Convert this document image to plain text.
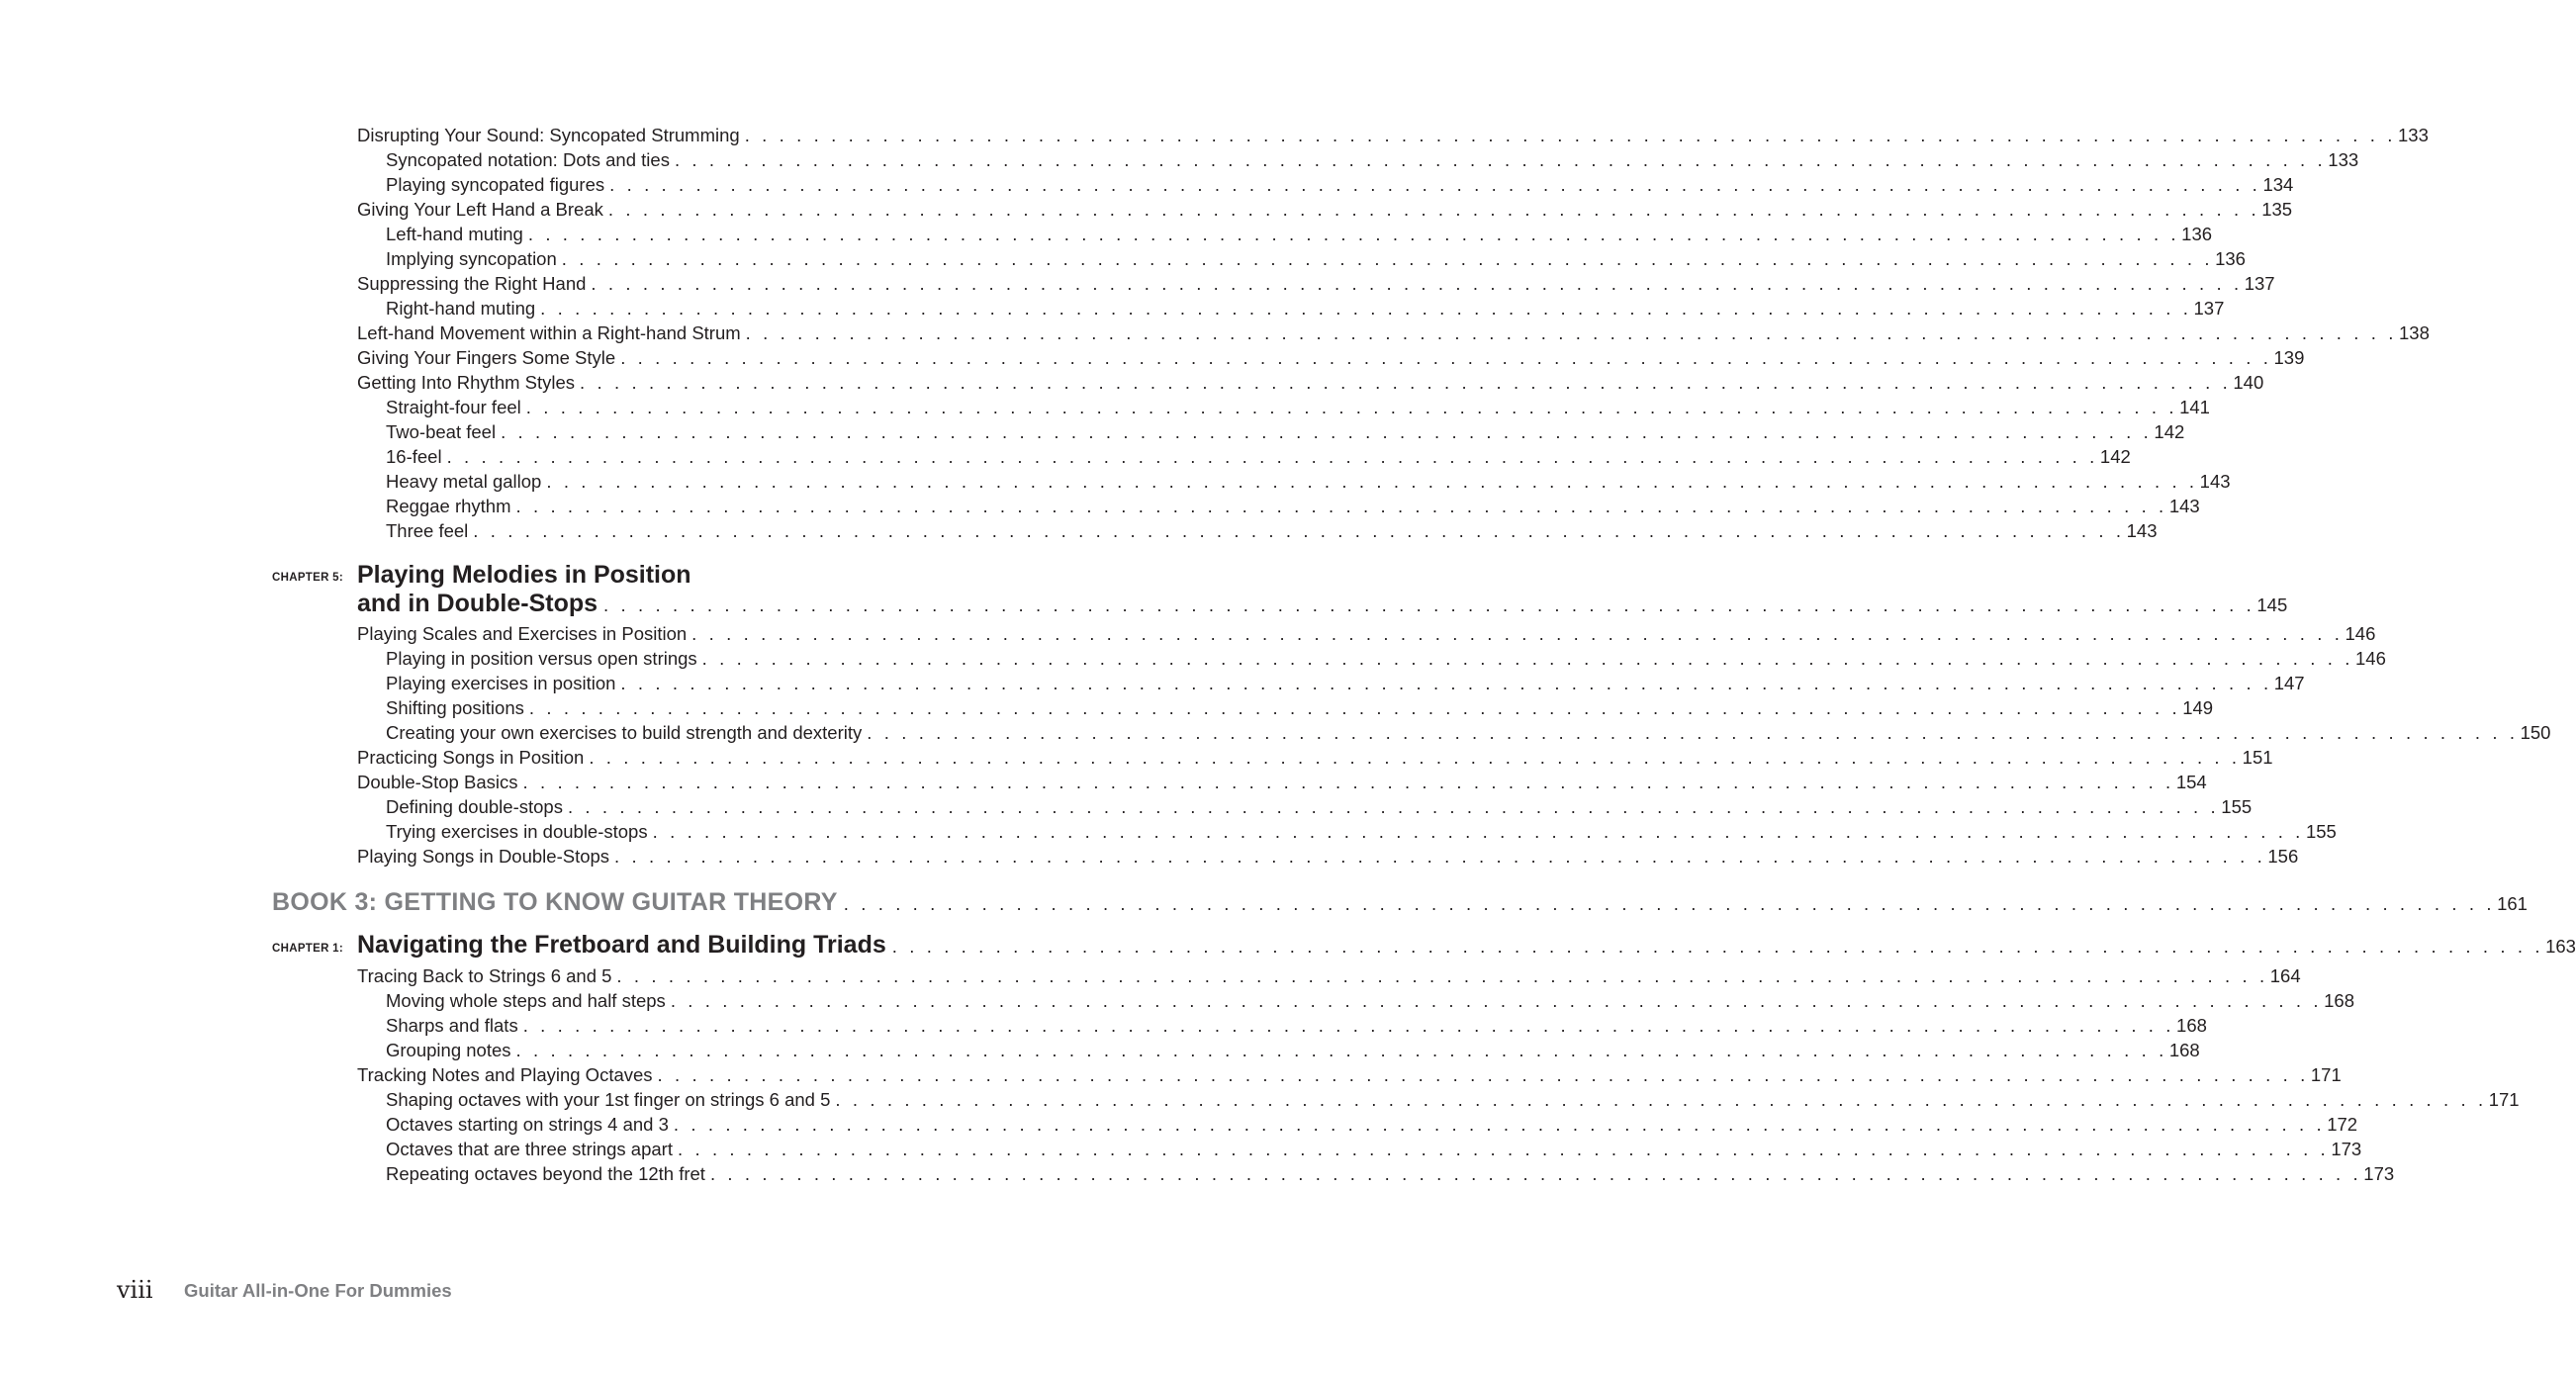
Disrupting Your Sound: Syncopated Strumming . . . . . . . . . . . . . . . . . . . . . . . . . . . . . . . . . . . . . . . . . . . . . . . . . . . . . . . . . . . . . . . . . . . . . . . . . . . . . . . . . . . . . . . . . . . . . . . . 133
Syncopated notation: Dots and ties . . . . . . . . . . . . . . . . . . . . . . . . . . . . . . . . . . . . . . . . . . . . . . . . . . . . . . . . . . . . . . . . . . . . . . . . . . . . . . . . . . . . . . . . . . . . . . . . 133
Playing syncopated figures . . . . . . . . . . . . . . . . . . . . . . . . . . . . . . . . . . . . . . . . . . . . . . . . . . . . . . . . . . . . . . . . . . . . . . . . . . . . . . . . . . . . . . . . . . . . . . . . 134
Giving Your Left Hand a Break . . . . . . . . . . . . . . . . . . . . . . . . . . . . . . . . . . . . . . . . . . . . . . . . . . . . . . . . . . . . . . . . . . . . . . . . . . . . . . . . . . . . . . . . . . . . . . . . 135
Left-hand muting . . . . . . . . . . . . . . . . . . . . . . . . . . . . . . . . . . . . . . . . . . . . . . . . . . . . . . . . . . . . . . . . . . . . . . . . . . . . . . . . . . . . . . . . . . . . . . . . 136
Implying syncopation . . . . . . . . . . . . . . . . . . . . . . . . . . . . . . . . . . . . . . . . . . . . . . . . . . . . . . . . . . . . . . . . . . . . . . . . . . . . . . . . . . . . . . . . . . . . . . . . 136
Suppressing the Right Hand . . . . . . . . . . . . . . . . . . . . . . . . . . . . . . . . . . . . . . . . . . . . . . . . . . . . . . . . . . . . . . . . . . . . . . . . . . . . . . . . . . . . . . . . . . . . . . . . 137
Right-hand muting . . . . . . . . . . . . . . . . . . . . . . . . . . . . . . . . . . . . . . . . . . . . . . . . . . . . . . . . . . . . . . . . . . . . . . . . . . . . . . . . . . . . . . . . . . . . . . . . 137
Left-hand Movement within a Right-hand Strum . . . . . . . . . . . . . . . . . . . . . . . . . . . . . . . . . . . . . . . . . . . . . . . . . . . . . . . . . . . . . . . . . . . . . . . . . . . . . . . . . . . . . . . . . . . . . . . . 138
Giving Your Fingers Some Style . . . . . . . . . . . . . . . . . . . . . . . . . . . . . . . . . . . . . . . . . . . . . . . . . . . . . . . . . . . . . . . . . . . . . . . . . . . . . . . . . . . . . . . . . . . . . . . . 139
Getting Into Rhythm Styles . . . . . . . . . . . . . . . . . . . . . . . . . . . . . . . . . . . . . . . . . . . . . . . . . . . . . . . . . . . . . . . . . . . . . . . . . . . . . . . . . . . . . . . . . . . . . . . . 140
Straight-four feel . . . . . . . . . . . . . . . . . . . . . . . . . . . . . . . . . . . . . . . . . . . . . . . . . . . . . . . . . . . . . . . . . . . . . . . . . . . . . . . . . . . . . . . . . . . . . . . . 141
Two-beat feel . . . . . . . . . . . . . . . . . . . . . . . . . . . . . . . . . . . . . . . . . . . . . . . . . . . . . . . . . . . . . . . . . . . . . . . . . . . . . . . . . . . . . . . . . . . . . . . . 142
16-feel . . . . . . . . . . . . . . . . . . . . . . . . . . . . . . . . . . . . . . . . . . . . . . . . . . . . . . . . . . . . . . . . . . . . . . . . . . . . . . . . . . . . . . . . . . . . . . . . 142
Heavy metal gallop . . . . . . . . . . . . . . . . . . . . . . . . . . . . . . . . . . . . . . . . . . . . . . . . . . . . . . . . . . . . . . . . . . . . . . . . . . . . . . . . . . . . . . . . . . . . . . . . 143
Reggae rhythm . . . . . . . . . . . . . . . . . . . . . . . . . . . . . . . . . . . . . . . . . . . . . . . . . . . . . . . . . . . . . . . . . . . . . . . . . . . . . . . . . . . . . . . . . . . . . . . . 143
Three feel . . . . . . . . . . . . . . . . . . . . . . . . . . . . . . . . . . . . . . . . . . . . . . . . . . . . . . . . . . . . . . . . . . . . . . . . . . . . . . . . . . . . . . . . . . . . . . . . 143
CHAPTER 5: Playing Melodies in Position
and in Double-Stops . . . . . . . . . . . . . . . . . . . . . . . . . . . . . . . . . . . . . . . . . . . . . . . . . . . . . . . . . . . . . . . . . . . . . . . . . . . . . . . . . . . . . . . . . . . . . . . . 145
Playing Scales and Exercises in Position . . . . . . . . . . . . . . . . . . . . . . . . . . . . . . . . . . . . . . . . . . . . . . . . . . . . . . . . . . . . . . . . . . . . . . . . . . . . . . . . . . . . . . . . . . . . . . . . 146
Playing in position versus open strings . . . . . . . . . . . . . . . . . . . . . . . . . . . . . . . . . . . . . . . . . . . . . . . . . . . . . . . . . . . . . . . . . . . . . . . . . . . . . . . . . . . . . . . . . . . . . . . . 146
Playing exercises in position . . . . . . . . . . . . . . . . . . . . . . . . . . . . . . . . . . . . . . . . . . . . . . . . . . . . . . . . . . . . . . . . . . . . . . . . . . . . . . . . . . . . . . . . . . . . . . . . 147
Shifting positions . . . . . . . . . . . . . . . . . . . . . . . . . . . . . . . . . . . . . . . . . . . . . . . . . . . . . . . . . . . . . . . . . . . . . . . . . . . . . . . . . . . . . . . . . . . . . . . . 149
Creating your own exercises to build strength and dexterity . . . . . . . . . . . . . . . . . . . . . . . . . . . . . . . . . . . . . . . . . . . . . . . . . . . . . . . . . . . . . . . . . . . . . . . . . . . . . . . . . . . . . . . . . . . . . . . . 150
Practicing Songs in Position . . . . . . . . . . . . . . . . . . . . . . . . . . . . . . . . . . . . . . . . . . . . . . . . . . . . . . . . . . . . . . . . . . . . . . . . . . . . . . . . . . . . . . . . . . . . . . . . 151
Double-Stop Basics . . . . . . . . . . . . . . . . . . . . . . . . . . . . . . . . . . . . . . . . . . . . . . . . . . . . . . . . . . . . . . . . . . . . . . . . . . . . . . . . . . . . . . . . . . . . . . . . 154
Defining double-stops . . . . . . . . . . . . . . . . . . . . . . . . . . . . . . . . . . . . . . . . . . . . . . . . . . . . . . . . . . . . . . . . . . . . . . . . . . . . . . . . . . . . . . . . . . . . . . . . 155
Trying exercises in double-stops . . . . . . . . . . . . . . . . . . . . . . . . . . . . . . . . . . . . . . . . . . . . . . . . . . . . . . . . . . . . . . . . . . . . . . . . . . . . . . . . . . . . . . . . . . . . . . . . 155
Playing Songs in Double-Stops . . . . . . . . . . . . . . . . . . . . . . . . . . . . . . . . . . . . . . . . . . . . . . . . . . . . . . . . . . . . . . . . . . . . . . . . . . . . . . . . . . . . . . . . . . . . . . . . 156
BOOK 3: GETTING TO KNOW GUITAR THEORY . . . . . . . . . . . . . . . . . . . . . . . . . . . . . . . . . . . . . . . . . . . . . . . . . . . . . . . . . . . . . . . . . . . . . . . . . . . . . . . . . . . . . . . . . . . . . . . . 161
CHAPTER 1: Navigating the Fretboard and Building Triads . . . . . . . . . . . . . . . . . . . . . . . . . . . . . . . . . . . . . . . . . . . . . . . . . . . . . . . . . . . . . . . . . . . . . . . . . . . . . . . . . . . . . . . . . . . . . . . . 163
Tracing Back to Strings 6 and 5 . . . . . . . . . . . . . . . . . . . . . . . . . . . . . . . . . . . . . . . . . . . . . . . . . . . . . . . . . . . . . . . . . . . . . . . . . . . . . . . . . . . . . . . . . . . . . . . . 164
Moving whole steps and half steps . . . . . . . . . . . . . . . . . . . . . . . . . . . . . . . . . . . . . . . . . . . . . . . . . . . . . . . . . . . . . . . . . . . . . . . . . . . . . . . . . . . . . . . . . . . . . . . . 168
Sharps and flats . . . . . . . . . . . . . . . . . . . . . . . . . . . . . . . . . . . . . . . . . . . . . . . . . . . . . . . . . . . . . . . . . . . . . . . . . . . . . . . . . . . . . . . . . . . . . . . . 168
Grouping notes . . . . . . . . . . . . . . . . . . . . . . . . . . . . . . . . . . . . . . . . . . . . . . . . . . . . . . . . . . . . . . . . . . . . . . . . . . . . . . . . . . . . . . . . . . . . . . . . 168
Tracking Notes and Playing Octaves . . . . . . . . . . . . . . . . . . . . . . . . . . . . . . . . . . . . . . . . . . . . . . . . . . . . . . . . . . . . . . . . . . . . . . . . . . . . . . . . . . . . . . . . . . . . . . . . 171
Shaping octaves with your 1st finger on strings 6 and 5 . . . . . . . . . . . . . . . . . . . . . . . . . . . . . . . . . . . . . . . . . . . . . . . . . . . . . . . . . . . . . . . . . . . . . . . . . . . . . . . . . . . . . . . . . . . . . . . . 171
Octaves starting on strings 4 and 3 . . . . . . . . . . . . . . . . . . . . . . . . . . . . . . . . . . . . . . . . . . . . . . . . . . . . . . . . . . . . . . . . . . . . . . . . . . . . . . . . . . . . . . . . . . . . . . . . 172
Octaves that are three strings apart . . . . . . . . . . . . . . . . . . . . . . . . . . . . . . . . . . . . . . . . . . . . . . . . . . . . . . . . . . . . . . . . . . . . . . . . . . . . . . . . . . . . . . . . . . . . . . . . 173
Repeating octaves beyond the 12th fret . . . . . . . . . . . . . . . . . . . . . . . . . . . . . . . . . . . . . . . . . . . . . . . . . . . . . . . . . . . . . . . . . . . . . . . . . . . . . . . . . . . . . . . . . . . . . . . . 173
viii Guitar All-in-One For Dummies
